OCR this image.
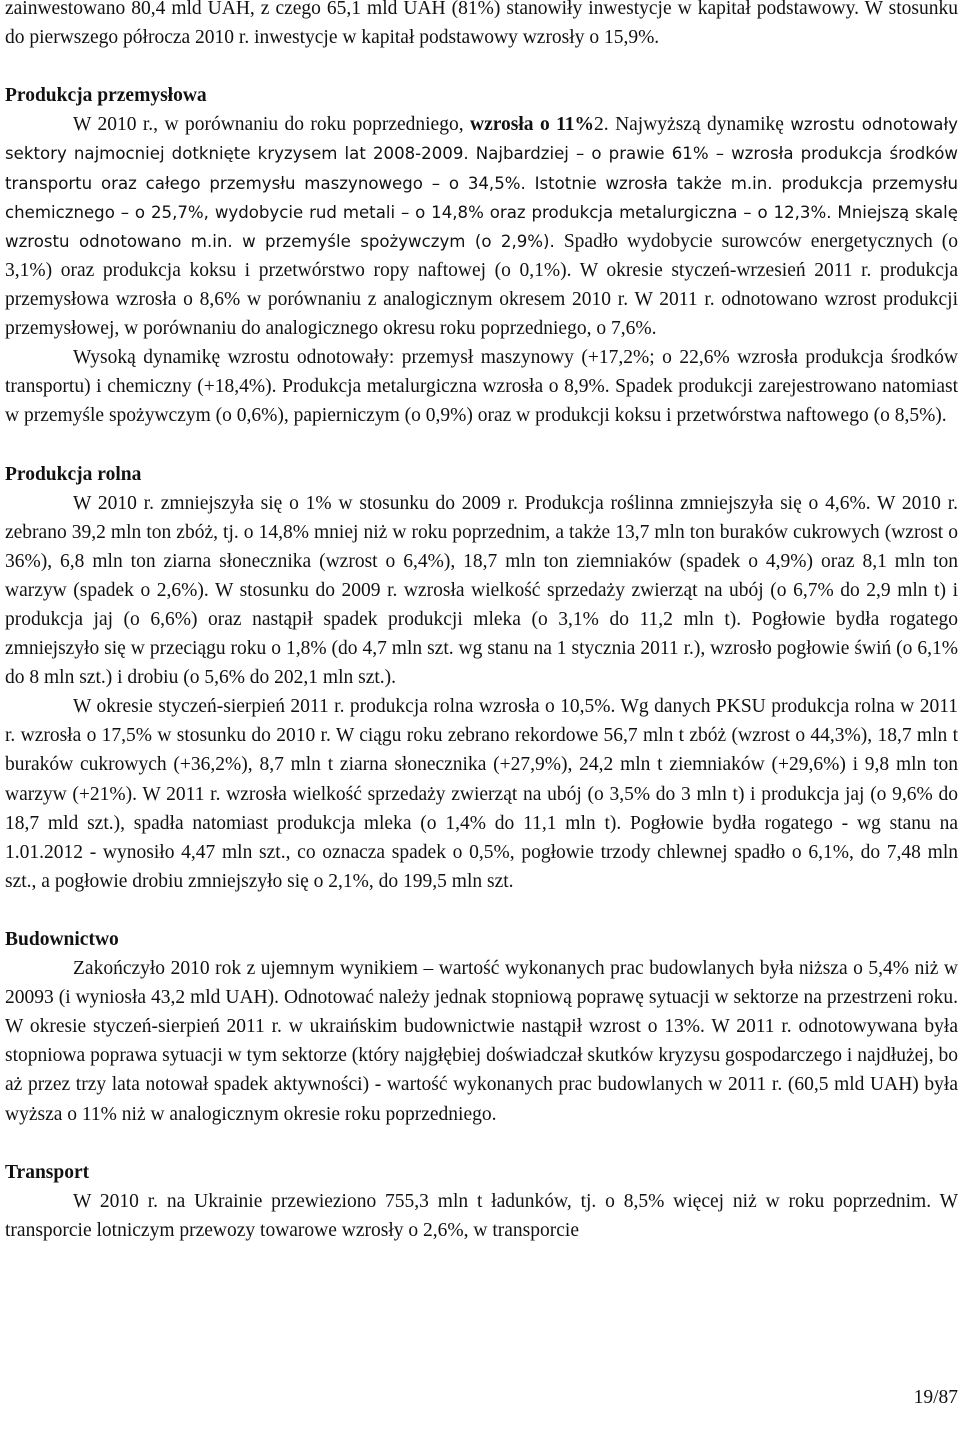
zainwestowano 80,4 mld UAH, z czego 65,1 mld UAH (81%) stanowiły inwestycje w kapitał podstawowy. W stosunku do pierwszego półrocza 2010 r. inwestycje w kapitał podstawowy wzrosły o 15,9%.

Produkcja przemysłowa

W 2010 r., w porównaniu do roku poprzedniego, wzrosła o 11%2. Najwyższą dynamikę wzrostu odnotowały sektory najmocniej dotknięte kryzysem lat 2008-2009. Najbardziej – o prawie 61% – wzrosła produkcja środków transportu oraz całego przemysłu maszynowego – o 34,5%. Istotnie wzrosła także m.in. produkcja przemysłu chemicznego – o 25,7%, wydobycie rud metali – o 14,8% oraz produkcja metalurgiczna – o 12,3%. Mniejszą skalę wzrostu odnotowano m.in. w przemyśle spożywczym (o 2,9%). Spadło wydobycie surowców energetycznych (o 3,1%) oraz produkcja koksu i przetwórstwo ropy naftowej (o 0,1%). W okresie styczeń-wrzesień 2011 r. produkcja przemysłowa wzrosła o 8,6% w porównaniu z analogicznym okresem 2010 r. W 2011 r. odnotowano wzrost produkcji przemysłowej, w porównaniu do analogicznego okresu roku poprzedniego, o 7,6%.

Wysoką dynamikę wzrostu odnotowały: przemysł maszynowy (+17,2%; o 22,6% wzrosła produkcja środków transportu) i chemiczny (+18,4%). Produkcja metalurgiczna wzrosła o 8,9%. Spadek produkcji zarejestrowano natomiast w przemyśle spożywczym (o 0,6%), papierniczym (o 0,9%) oraz w produkcji koksu i przetwórstwa naftowego (o 8,5%).

Produkcja rolna

W 2010 r. zmniejszyła się o 1% w stosunku do 2009 r. Produkcja roślinna zmniejszyła się o 4,6%. W 2010 r. zebrano 39,2 mln ton zbóż, tj. o 14,8% mniej niż w roku poprzednim, a także 13,7 mln ton buraków cukrowych (wzrost o 36%), 6,8 mln ton ziarna słonecznika (wzrost o 6,4%), 18,7 mln ton ziemniaków (spadek o 4,9%) oraz 8,1 mln ton warzyw (spadek o 2,6%). W stosunku do 2009 r. wzrosła wielkość sprzedaży zwierząt na ubój (o 6,7% do 2,9 mln t) i produkcja jaj (o 6,6%) oraz nastąpił spadek produkcji mleka (o 3,1% do 11,2 mln t). Pogłowie bydła rogatego zmniejszyło się w przeciągu roku o 1,8% (do 4,7 mln szt. wg stanu na 1 stycznia 2011 r.), wzrosło pogłowie świń (o 6,1% do 8 mln szt.) i drobiu (o 5,6% do 202,1 mln szt.).

W okresie styczeń-sierpień 2011 r. produkcja rolna wzrosła o 10,5%. Wg danych PKSU produkcja rolna w 2011 r. wzrosła o 17,5% w stosunku do 2010 r. W ciągu roku zebrano rekordowe 56,7 mln t zbóż (wzrost o 44,3%), 18,7 mln t buraków cukrowych (+36,2%), 8,7 mln t ziarna słonecznika (+27,9%), 24,2 mln t ziemniaków (+29,6%) i 9,8 mln ton warzyw (+21%). W 2011 r. wzrosła wielkość sprzedaży zwierząt na ubój (o 3,5% do 3 mln t) i produkcja jaj (o 9,6% do 18,7 mld szt.), spadła natomiast produkcja mleka (o 1,4% do 11,1 mln t). Pogłowie bydła rogatego - wg stanu na 1.01.2012 - wynosiło 4,47 mln szt., co oznacza spadek o 0,5%, pogłowie trzody chlewnej spadło o 6,1%, do 7,48 mln szt., a pogłowie drobiu zmniejszyło się o 2,1%, do 199,5 mln szt.

Budownictwo

Zakończyło 2010 rok z ujemnym wynikiem – wartość wykonanych prac budowlanych była niższa o 5,4% niż w 20093 (i wyniosła 43,2 mld UAH). Odnotować należy jednak stopniową poprawę sytuacji w sektorze na przestrzeni roku. W okresie styczeń-sierpień 2011 r. w ukraińskim budownictwie nastąpił wzrost o 13%. W 2011 r. odnotowywana była stopniowa poprawa sytuacji w tym sektorze (który najgłębiej doświadczał skutków kryzysu gospodarczego i najdłużej, bo aż przez trzy lata notował spadek aktywności) - wartość wykonanych prac budowlanych w 2011 r. (60,5 mld UAH) była wyższa o 11% niż w analogicznym okresie roku poprzedniego.

Transport

W 2010 r. na Ukrainie przewieziono 755,3 mln t ładunków, tj. o 8,5% więcej niż w roku poprzednim. W transporcie lotniczym przewozy towarowe wzrosły o 2,6%, w transporcie

19/87
